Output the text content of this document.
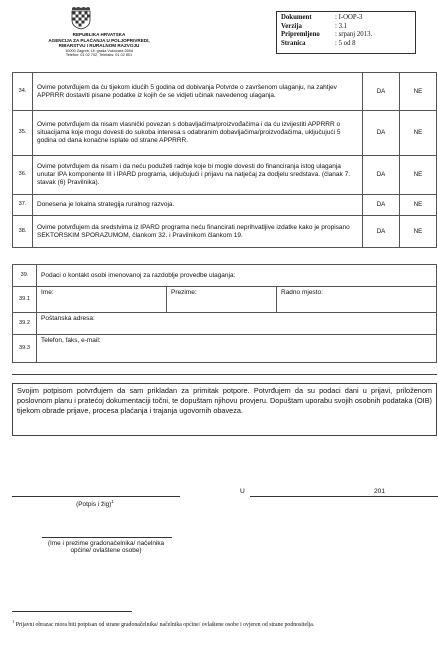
REPUBLIKA HRVATSKA
AGENCIJA ZA PLAĆANJA U POLJOPRIVREDI,
RIBARSTVU I RURALNOM RAZVOJU
10000 Zagreb, Ul. grada Vukovara 269d
Telefon: 01 02 702, Telefaks: 01 02 801
Dokument	: I-OOP-3
Verzija	: 3.1
Pripremljeno	: srpanj 2013.
Stranica	: 5 od 8
34.	Ovime potvrđujem da ću tijekom idućih 5 godina od dobivanja Potvrde o završenom ulaganju, na zahtjev APPRRR dostaviti pisane podatke iz kojih će se vidjeti učinak navedenog ulaganja.	DA	NE
35.	Ovime potvrđujem da nisam vlasnički povezan s dobavljačima/proizvođačima i da ću izvijestiti APPRRR o situacijama koje mogu dovesti do sukoba interesa s odabranim dobavljačima/proizvođačima, uključujući 5 godina od dana konačne isplate od strane APPRRR.	DA	NE
36.	Ovime potvrđujem da nisam i da neću podužeti radnje koje bi mogle dovesti do financiranja istog ulaganja unutar IPA komponente III i IPARD programa, uključujući i prijavu na natječaj za dodjelu sredstava. (članak 7. stavak (6) Pravilnika).	DA	NE
37.	Donesena je lokalna strategija ruralnog razvoja.	DA	NE
38.	Ovime potvrđujem da sredstvima iz IPARD programa neću financirati neprihvatljive izdatke kako je propisano SEKTORSKIM SPORAZUMOM, člankom 32. i Pravilnikom člankom 19.	DA	NE
39.	Podaci o kontakt osobi imenovanoj za razdoblje provedbe ulaganja:		
39.1	Ime:	Prezime:	Radno mjesto:
39.2	Poštanska adresa:		
39.3	Telefon, faks, e-mail:		
Svojim potpisom potvrđujem da sam prikladan za primitak potpore. Potvrđujem da su podaci dani u prijavi, priloženom poslovnom planu i pratećoj dokumentaciji točni, te dopuštam njihovu provjeru. Dopuštam uporabu svojih osobnih podataka (OIB) tijekom obrade prijave, procesa plaćanja i trajanja ugovornih obaveza.
(Potpis i žig)$^1$
U	201
(Ime i prezime gradonačelnika/ načelnika
općine/ ovlaštene osobe)
$^1$ Prijavni obrazac mora biti potpisan od strane gradonačelnika/ načelnika općine/ ovlaštene osobe i ovjeren od strane podnositelja.
